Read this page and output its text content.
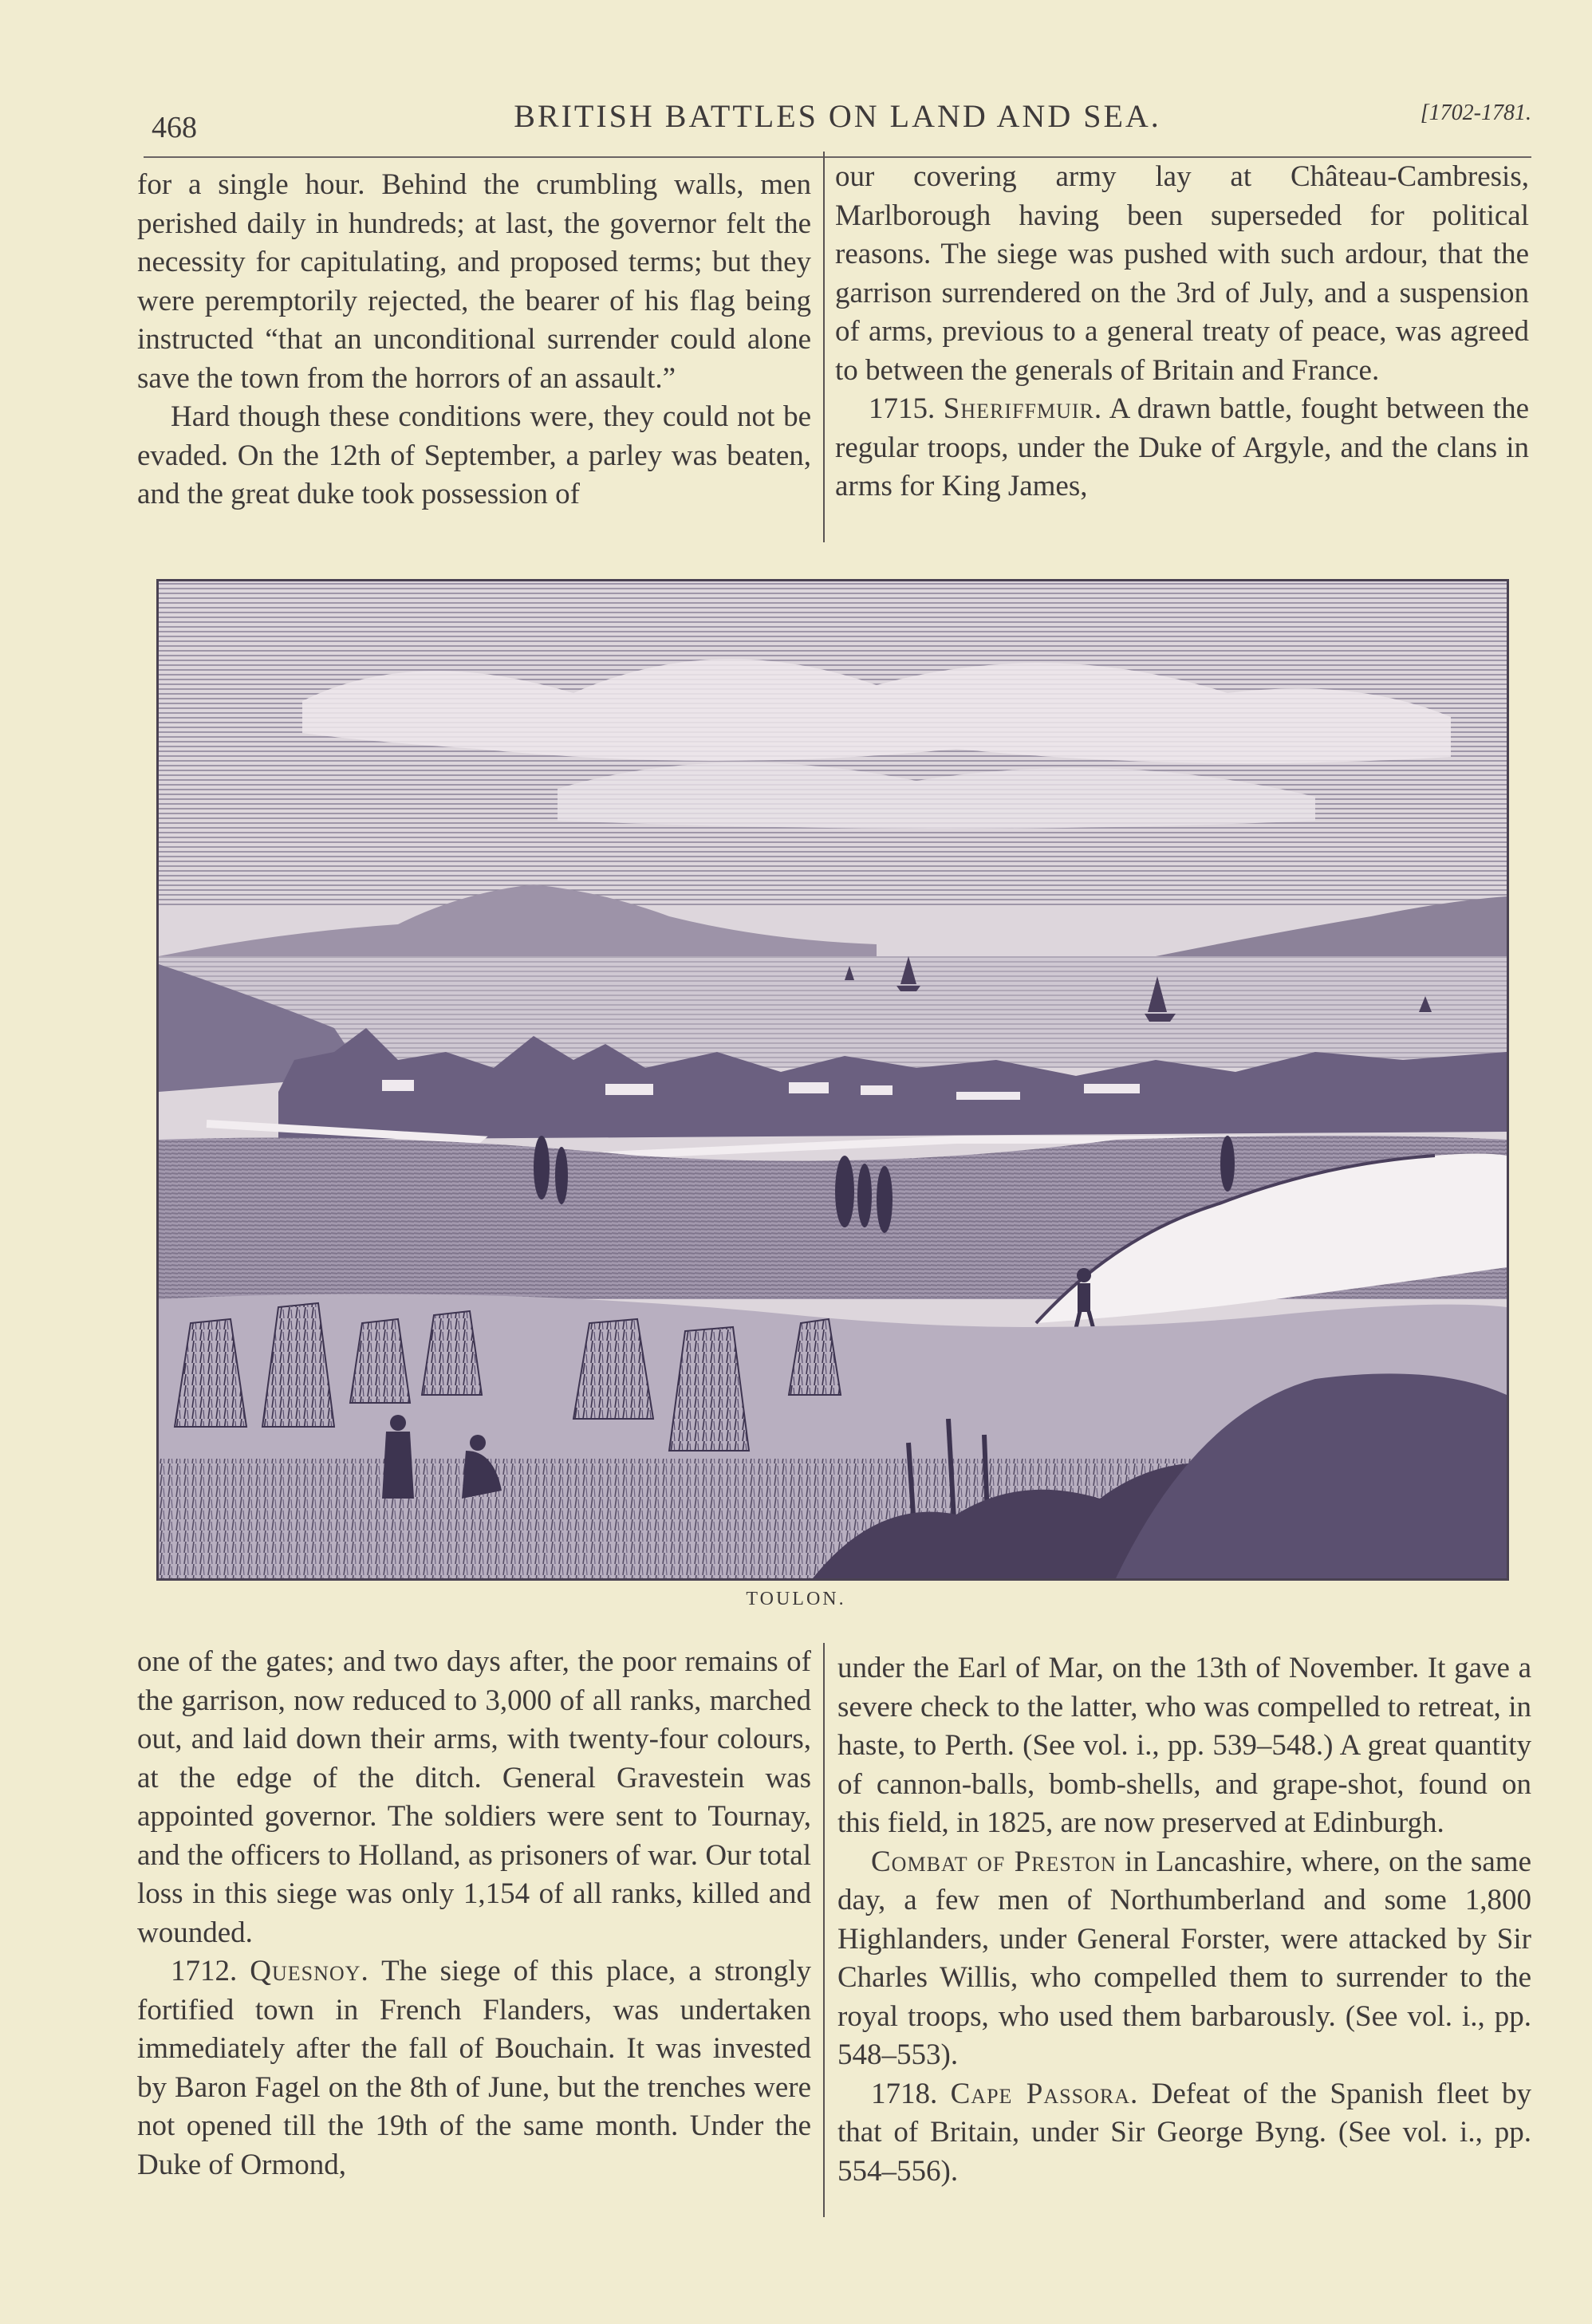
468	BRITISH BATTLES ON LAND AND SEA.	[1702-1781.

for a single hour. Behind the crumbling walls, men perished daily in hundreds; at last, the governor felt the necessity for capitulating, and proposed terms; but they were peremptorily rejected, the bearer of his flag being instructed “that an unconditional surrender could alone save the town from the horrors of an assault.”

Hard though these conditions were, they could not be evaded. On the 12th of September, a parley was beaten, and the great duke took possession of

our covering army lay at Château-Cambresis, Marlborough having been superseded for political reasons. The siege was pushed with such ardour, that the garrison surrendered on the 3rd of July, and a suspension of arms, previous to a general treaty of peace, was agreed to between the generals of Britain and France.

1715. Sheriffmuir. A drawn battle, fought between the regular troops, under the Duke of Argyle, and the clans in arms for King James,

TOULON.

one of the gates; and two days after, the poor remains of the garrison, now reduced to 3,000 of all ranks, marched out, and laid down their arms, with twenty-four colours, at the edge of the ditch. General Gravestein was appointed governor. The soldiers were sent to Tournay, and the officers to Holland, as prisoners of war. Our total loss in this siege was only 1,154 of all ranks, killed and wounded.

1712. Quesnoy. The siege of this place, a strongly fortified town in French Flanders, was undertaken immediately after the fall of Bouchain. It was invested by Baron Fagel on the 8th of June, but the trenches were not opened till the 19th of the same month. Under the Duke of Ormond,

under the Earl of Mar, on the 13th of November. It gave a severe check to the latter, who was compelled to retreat, in haste, to Perth. (See vol. i., pp. 539–548.) A great quantity of cannon-balls, bomb-shells, and grape-shot, found on this field, in 1825, are now preserved at Edinburgh.

Combat of Preston in Lancashire, where, on the same day, a few men of Northumberland and some 1,800 Highlanders, under General Forster, were attacked by Sir Charles Willis, who compelled them to surrender to the royal troops, who used them barbarously. (See vol. i., pp. 548–553).

1718. Cape Passora. Defeat of the Spanish fleet by that of Britain, under Sir George Byng. (See vol. i., pp. 554–556).
